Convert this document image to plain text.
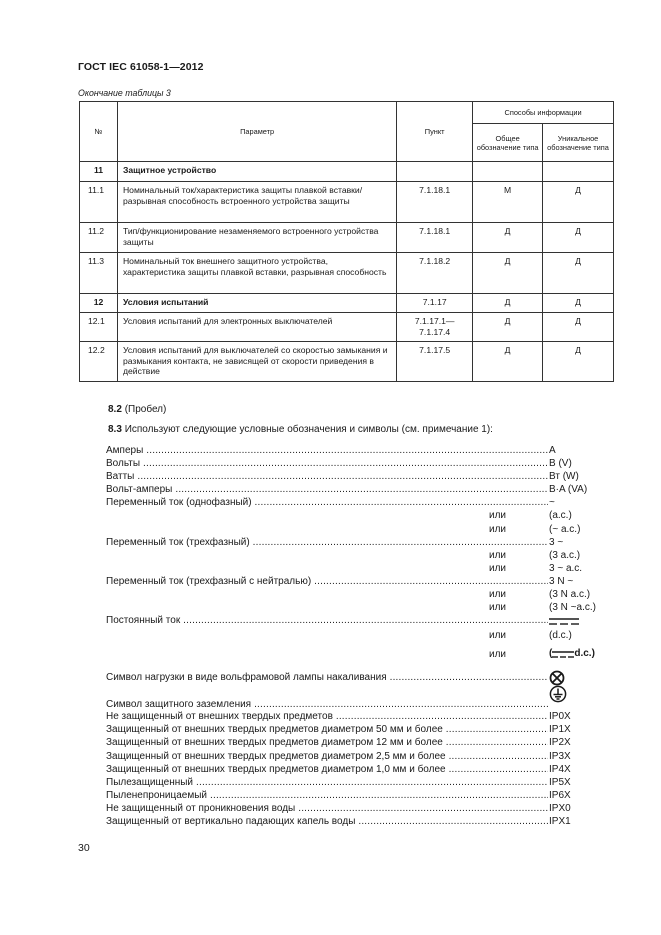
ГОСТ IEC 61058-1—2012
Окончание таблицы 3
№	Параметр	Пункт	Способы информации	
			Общее обозначение типа	Уникальное обозначение типа
11	Защитное устройство			
11.1	Номинальный ток/характеристика защиты плавкой вставки/разрывная способность встроенного устройства защиты	7.1.18.1	М	Д
11.2	Тип/функционирование незаменяемого встроенного устройства защиты	7.1.18.1	Д	Д
11.3	Номинальный ток внешнего защитного устройства, характеристика защиты плавкой вставки, разрывная способность	7.1.18.2	Д	Д
12	Условия испытаний	7.1.17	Д	Д
12.1	Условия испытаний для электронных выключателей	7.1.17.1—7.1.17.4	Д	Д
12.2	Условия испытаний для выключателей со скоростью замыкания и размыкания контакта, не зависящей от скорости приведения в действие	7.1.17.5	Д	Д
8.2 (Пробел)
8.3 Используют следующие условные обозначения и символы (см. примечание 1):
Амперы .....	A
Вольты .....	B (V)
Ватты .....	Вт (W)
Вольт-амперы .....	B·A (VA)
Переменный ток (однофазный) .....	~
или	(a.c.)
или	(~ a.c.)
Переменный ток (трехфазный) .....	3 ~
или	(3 a.c.)
или	3 ~ a.c.
Переменный ток (трехфазный с нейтралью) .....	3 N ~
или	(3 N a.c.)
или	(3 N ~a.c.)
Постоянный ток .....
или	(d.c.)
или	( d.c.)
Символ нагрузки в виде вольфрамовой лампы накаливания .....
Символ защитного заземления .....
Не защищенный от внешних твердых предметов .....	IP0X
Защищенный от внешних твердых предметов диаметром 50 мм и более .....	IP1X
Защищенный от внешних твердых предметов диаметром 12 мм и более .....	IP2X
Защищенный от внешних твердых предметов диаметром 2,5 мм и более .....	IP3X
Защищенный от внешних твердых предметов диаметром 1,0 мм и более .....	IP4X
Пылезащищенный .....	IP5X
Пыленепроницаемый .....	IP6X
Не защищенный от проникновения воды .....	IPX0
Защищенный от вертикально падающих капель воды .....	IPX1
30
